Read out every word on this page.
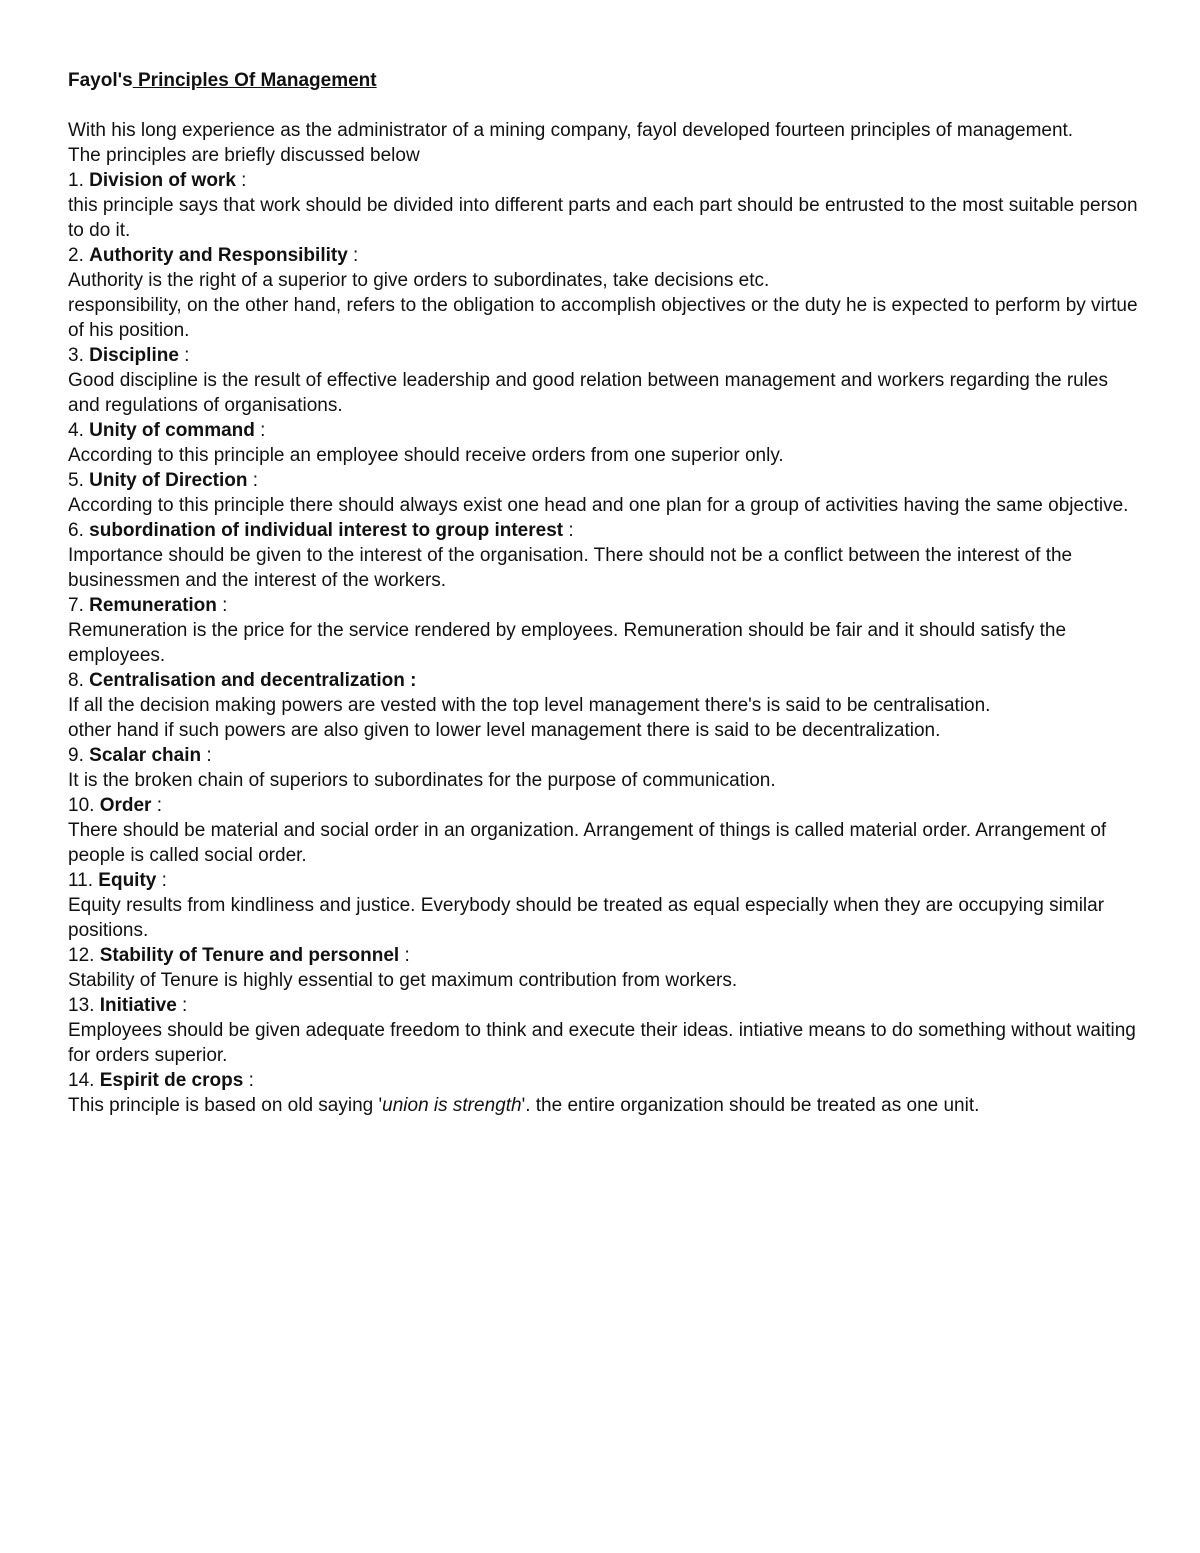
Fayol's Principles Of Management

With his long experience as the administrator of a mining company, fayol developed fourteen principles of management.

The principles are briefly discussed below

1. Division of work :

this principle says that work should be divided into different parts and each part should be entrusted to the most suitable person to do it.

2. Authority and Responsibility :

Authority is the right of a superior to give orders to subordinates, take decisions etc.

responsibility, on the other hand, refers to the obligation to accomplish objectives or the duty he is expected to perform by virtue of his position.

3. Discipline :

Good discipline is the result of effective leadership and good relation between management and workers regarding the rules and regulations of organisations.

4. Unity of command :

According to this principle an employee should receive orders from one superior only.

5. Unity of Direction :

According to this principle there should always exist one head and one plan for a group of activities having the same objective.

6. subordination of individual interest to group interest :

Importance should be given to the interest of the organisation. There should not be a conflict between the interest of the businessmen and the interest of the workers.

7. Remuneration :

Remuneration is the price for the service rendered by employees. Remuneration should be fair and it should satisfy the employees.

8. Centralisation and decentralization :

If all the decision making powers are vested with the top level management there's is said to be centralisation.

other hand if such powers are also given to lower level management there is said to be decentralization.

9. Scalar chain :

It is the broken chain of superiors to subordinates for the purpose of communication.

10. Order :

There should be material and social order in an organization. Arrangement of things is called material order. Arrangement of people is called social order.

11. Equity :

Equity results from kindliness and justice. Everybody should be treated as equal especially when they are occupying similar positions.

12. Stability of Tenure and personnel :

Stability of Tenure is highly essential to get maximum contribution from workers.

13. Initiative :

Employees should be given adequate freedom to think and execute their ideas. intiative means to do something without waiting for orders superior.

14. Espirit de crops :

This principle is based on old saying 'union is strength'. the entire organization should be treated as one unit.
